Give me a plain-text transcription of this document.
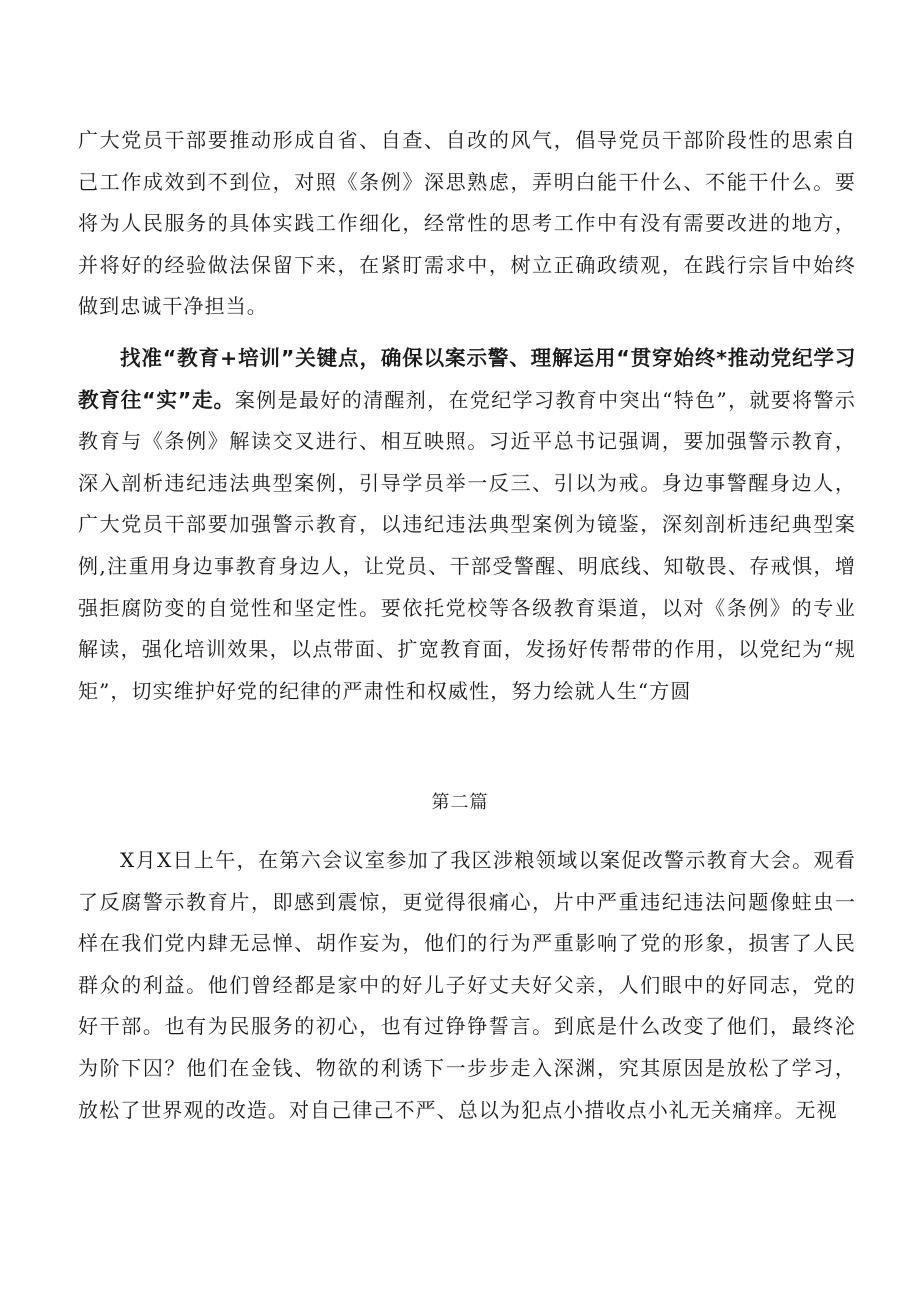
广大党员干部要推动形成自省、自查、自改的风气，倡导党员干部阶段性的思索自己工作成效到不到位，对照《条例》深思熟虑，弄明白能干什么、不能干什么。要将为人民服务的具体实践工作细化，经常性的思考工作中有没有需要改进的地方，并将好的经验做法保留下来，在紧盯需求中，树立正确政绩观，在践行宗旨中始终做到忠诚干净担当。

找准“教育+培训”关键点，确保以案示警、理解运用“贯穿始终*推动党纪学习教育往“实”走。案例是最好的清醒剂，在党纪学习教育中突出“特色”，就要将警示教育与《条例》解读交叉进行、相互映照。习近平总书记强调，要加强警示教育，深入剖析违纪违法典型案例，引导学员举一反三、引以为戒。身边事警醒身边人，广大党员干部要加强警示教育，以违纪违法典型案例为镜鉴，深刻剖析违纪典型案例,注重用身边事教育身边人，让党员、干部受警醒、明底线、知敬畏、存戒惧，增强拒腐防变的自觉性和坚定性。要依托党校等各级教育渠道，以对《条例》的专业解读，强化培训效果，以点带面、扩宽教育面，发扬好传帮带的作用，以党纪为“规矩”，切实维护好党的纪律的严肃性和权威性，努力绘就人生“方圆

第二篇

X月X日上午，在第六会议室参加了我区涉粮领域以案促改警示教育大会。观看了反腐警示教育片，即感到震惊，更觉得很痛心，片中严重违纪违法问题像蛀虫一样在我们党内肆无忌惮、胡作妄为，他们的行为严重影响了党的形象，损害了人民群众的利益。他们曾经都是家中的好儿子好丈夫好父亲，人们眼中的好同志，党的好干部。也有为民服务的初心，也有过铮铮誓言。到底是什么改变了他们，最终沦为阶下囚？他们在金钱、物欲的利诱下一步步走入深渊，究其原因是放松了学习，放松了世界观的改造。对自己律己不严、总以为犯点小措收点小礼无关痛痒。无视
